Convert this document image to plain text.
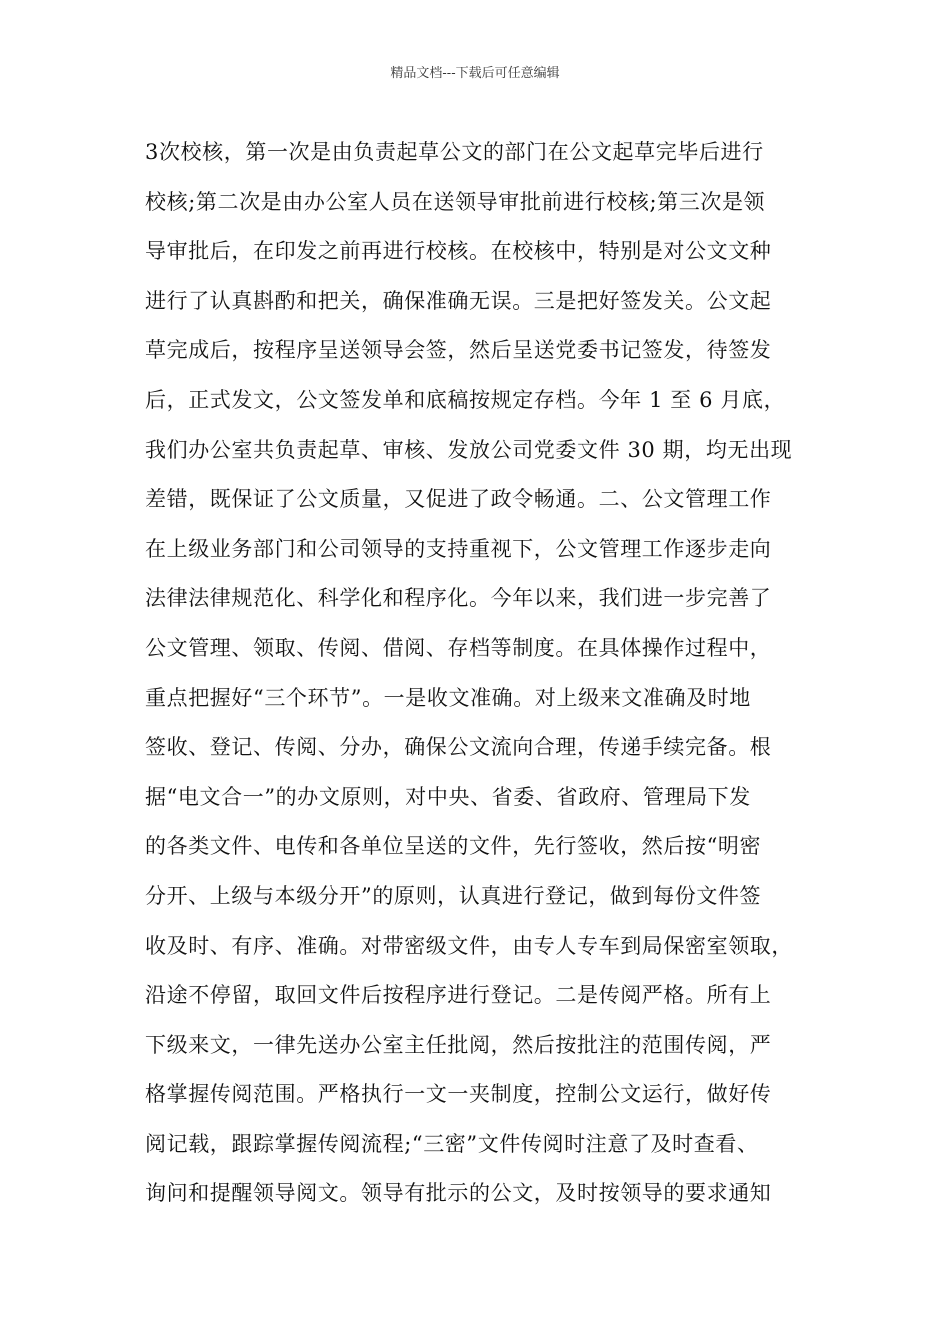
精品文档---下载后可任意编辑
3次校核，第一次是由负责起草公文的部门在公文起草完毕后进行
校核;第二次是由办公室人员在送领导审批前进行校核;第三次是领
导审批后，在印发之前再进行校核。在校核中，特别是对公文文种
进行了认真斟酌和把关，确保准确无误。三是把好签发关。公文起
草完成后，按程序呈送领导会签，然后呈送党委书记签发，待签发
后，正式发文，公文签发单和底稿按规定存档。今年 1 至 6 月底，
我们办公室共负责起草、审核、发放公司党委文件 30 期，均无出现
差错，既保证了公文质量，又促进了政令畅通。二、公文管理工作
在上级业务部门和公司领导的支持重视下，公文管理工作逐步走向
法律法律规范化、科学化和程序化。今年以来，我们进一步完善了
公文管理、领取、传阅、借阅、存档等制度。在具体操作过程中，
重点把握好“三个环节”。一是收文准确。对上级来文准确及时地
签收、登记、传阅、分办，确保公文流向合理，传递手续完备。根
据“电文合一”的办文原则，对中央、省委、省政府、管理局下发
的各类文件、电传和各单位呈送的文件，先行签收，然后按“明密
分开、上级与本级分开”的原则，认真进行登记，做到每份文件签
收及时、有序、准确。对带密级文件，由专人专车到局保密室领取，
沿途不停留，取回文件后按程序进行登记。二是传阅严格。所有上
下级来文，一律先送办公室主任批阅，然后按批注的范围传阅，严
格掌握传阅范围。严格执行一文一夹制度，控制公文运行，做好传
阅记载，跟踪掌握传阅流程;“三密”文件传阅时注意了及时查看、
询问和提醒领导阅文。领导有批示的公文，及时按领导的要求通知
